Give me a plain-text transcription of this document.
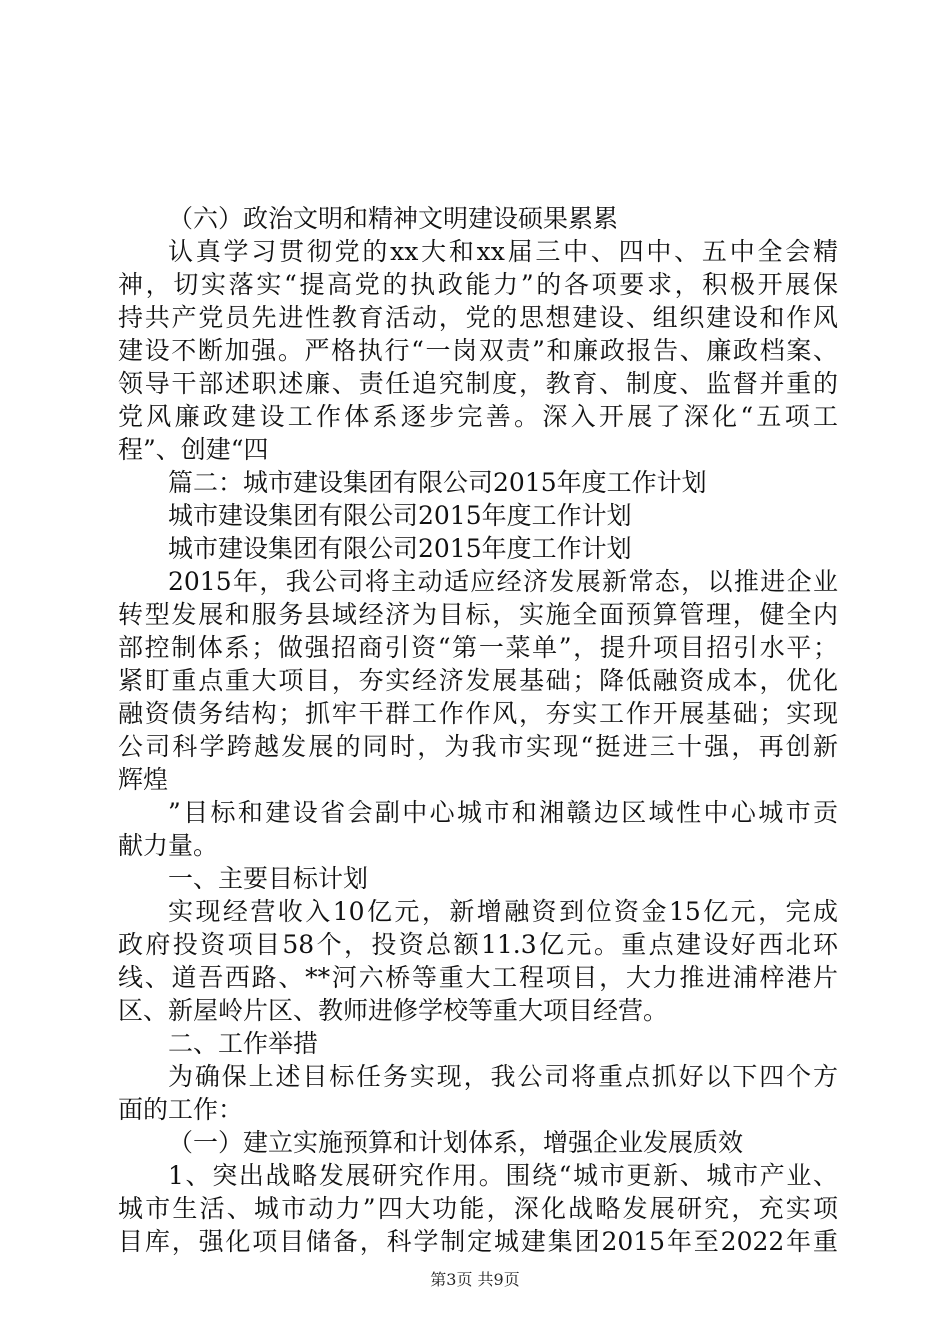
（六）政治文明和精神文明建设硕果累累
认真学习贯彻党的xx大和xx届三中、四中、五中全会精
神，切实落实“提高党的执政能力”的各项要求，积极开展保
持共产党员先进性教育活动，党的思想建设、组织建设和作风
建设不断加强。严格执行“一岗双责”和廉政报告、廉政档案、
领导干部述职述廉、责任追究制度，教育、制度、监督并重的
党风廉政建设工作体系逐步完善。深入开展了深化“五项工
程”、创建“四
篇二：城市建设集团有限公司2015年度工作计划
城市建设集团有限公司2015年度工作计划
城市建设集团有限公司2015年度工作计划
2015年，我公司将主动适应经济发展新常态，以推进企业
转型发展和服务县域经济为目标，实施全面预算管理，健全内
部控制体系；做强招商引资“第一菜单”，提升项目招引水平；
紧盯重点重大项目，夯实经济发展基础；降低融资成本，优化
融资债务结构；抓牢干群工作作风，夯实工作开展基础；实现
公司科学跨越发展的同时，为我市实现“挺进三十强，再创新
辉煌
”目标和建设省会副中心城市和湘赣边区域性中心城市贡
献力量。
一、主要目标计划
实现经营收入10亿元，新增融资到位资金15亿元，完成
政府投资项目58个，投资总额11.3亿元。重点建设好西北环
线、道吾西路、**河六桥等重大工程项目，大力推进浦梓港片
区、新屋岭片区、教师进修学校等重大项目经营。
二、工作举措
为确保上述目标任务实现，我公司将重点抓好以下四个方
面的工作：
（一）建立实施预算和计划体系，增强企业发展质效
1、突出战略发展研究作用。围绕“城市更新、城市产业、
城市生活、城市动力”四大功能，深化战略发展研究，充实项
目库，强化项目储备，科学制定城建集团2015年至2022年重
第3页 共9页
